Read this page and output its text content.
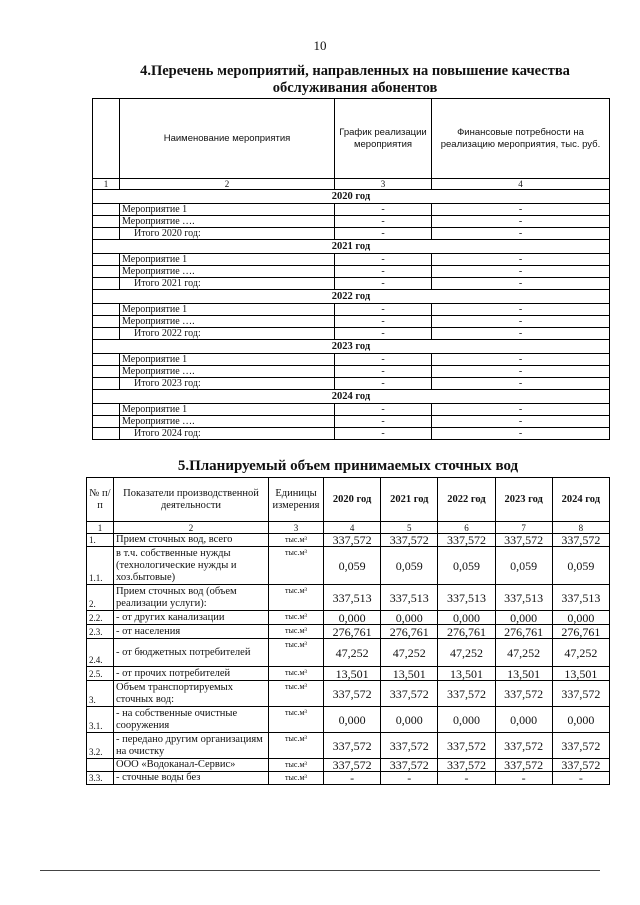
10
4.Перечень мероприятий, направленных на повышение качества
обслуживания абонентов
	Наименование мероприятия	График реализации мероприятия	Финансовые потребности на реализацию мероприятия, тыс. руб.
1	2	3	4
2020 год			
	Мероприятие 1	-	-
	Мероприятие ….	-	-
	Итого 2020 год:	-	-
2021 год			
	Мероприятие 1	-	-
	Мероприятие ….	-	-
	Итого 2021 год:	-	-
2022 год			
	Мероприятие 1	-	-
	Мероприятие ….	-	-
	Итого 2022 год:	-	-
2023 год			
	Мероприятие 1	-	-
	Мероприятие ….	-	-
	Итого 2023 год:	-	-
2024 год			
	Мероприятие 1	-	-
	Мероприятие ….	-	-
	Итого 2024 год:	-	-
5.Планируемый объем принимаемых сточных вод
№ п/п	Показатели производственной деятельности	Единицы измерения	2020 год	2021 год	2022 год	2023 год	2024 год
1	2	3	4	5	6	7	8
1.	Прием сточных вод, всего	тыс.м³	337,572	337,572	337,572	337,572	337,572
1.1.	в т.ч. собственные нужды (технологические нужды и хоз.бытовые)	тыс.м³	0,059	0,059	0,059	0,059	0,059
2.	Прием сточных вод (объем реализации услуги):	тыс.м³	337,513	337,513	337,513	337,513	337,513
2.2.	- от других канализации	тыс.м³	0,000	0,000	0,000	0,000	0,000
2.3.	- от населения	тыс.м³	276,761	276,761	276,761	276,761	276,761
2.4.	- от бюджетных потребителей	тыс.м³	47,252	47,252	47,252	47,252	47,252
2.5.	- от прочих потребителей	тыс.м³	13,501	13,501	13,501	13,501	13,501
3.	Объем транспортируемых сточных вод:	тыс.м³	337,572	337,572	337,572	337,572	337,572
3.1.	- на собственные очистные сооружения	тыс.м³	0,000	0,000	0,000	0,000	0,000
3.2.	- передано другим организациям на очистку	тыс.м³	337,572	337,572	337,572	337,572	337,572
	ООО «Водоканал-Сервис»	тыс.м³	337,572	337,572	337,572	337,572	337,572
3.3.	- сточные воды без	тыс.м³	-	-	-	-	-
